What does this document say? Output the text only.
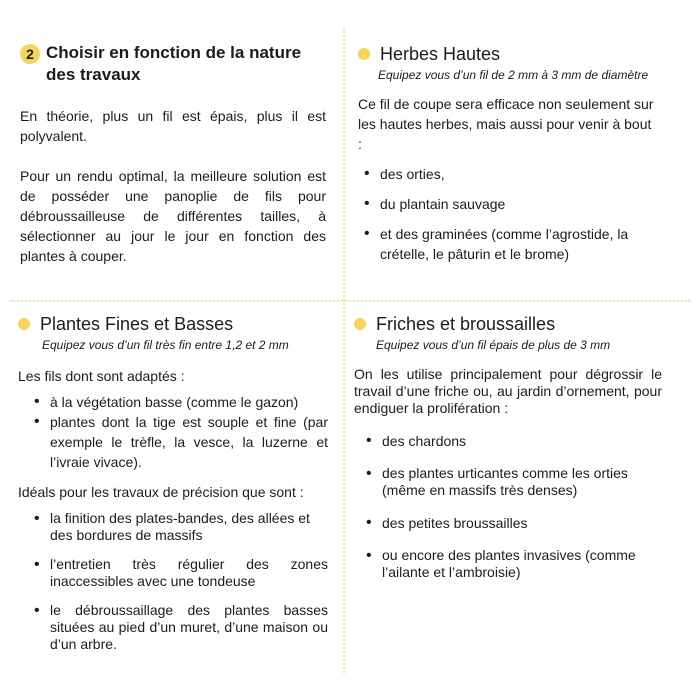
2 Choisir en fonction de la nature des travaux

En théorie, plus un fil est épais, plus il est polyvalent.

Pour un rendu optimal, la meilleure solution est de posséder une panoplie de fils pour débroussailleuse de différentes tailles, à sélectionner au jour le jour en fonction des plantes à couper.

Herbes Hautes
Equipez vous d’un fil de 2 mm à 3 mm de diamètre

Ce fil de coupe sera efficace non seulement sur les hautes herbes, mais aussi pour venir à bout :

• des orties,
• du plantain sauvage
• et des graminées (comme l’agrostide, la crételle, le pâturin et le brome)
Plantes Fines et Basses
Equipez vous d’un fil très fin entre 1,2 et 2 mm

Les fils dont sont adaptés :

• à la végétation basse (comme le gazon)
• plantes dont la tige est souple et fine (par exemple le trèfle, la vesce, la luzerne et l’ivraie vivace).

Idéals pour les travaux de précision que sont :

• la finition des plates-bandes, des allées et des bordures de massifs
• l’entretien très régulier des zones inaccessibles avec une tondeuse
• le débroussaillage des plantes basses situées au pied d’un muret, d’une maison ou d’un arbre.
Friches et broussailles
Equipez vous d’un fil épais de plus de 3 mm

On les utilise principalement pour dégrossir le travail d’une friche ou, au jardin d’ornement, pour endiguer la prolifération :

• des chardons
• des plantes urticantes comme les orties (même en massifs très denses)
• des petites broussailles
• ou encore des plantes invasives (comme l’ailante et l’ambroisie)
